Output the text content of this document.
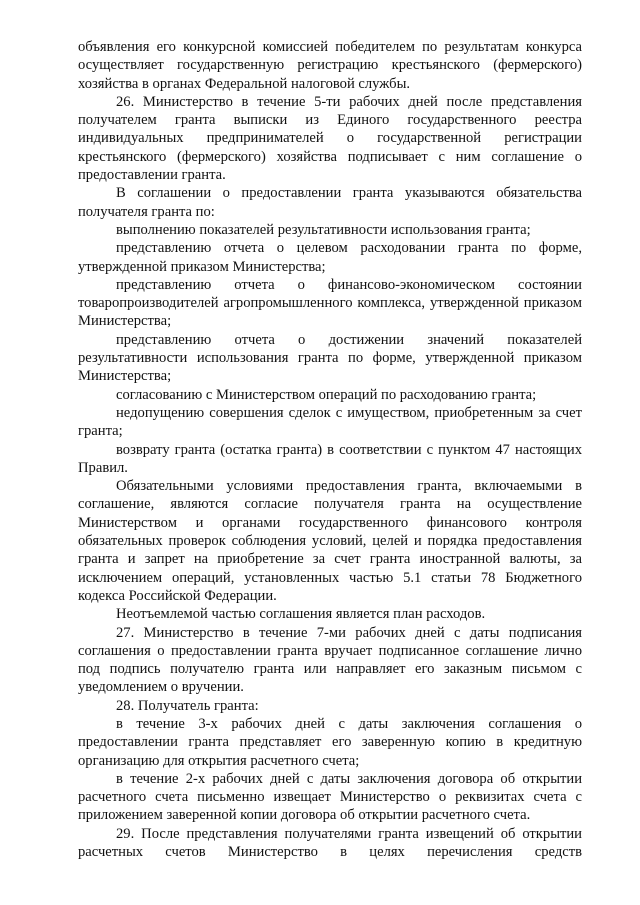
объявления его конкурсной комиссией победителем по результатам конкурса осуществляет государственную регистрацию крестьянского (фермерского) хозяйства в органах Федеральной налоговой службы.

26. Министерство в течение 5-ти рабочих дней после представления получателем гранта выписки из Единого государственного реестра индивидуальных предпринимателей о государственной регистрации крестьянского (фермерского) хозяйства подписывает с ним соглашение о предоставлении гранта.

В соглашении о предоставлении гранта указываются обязательства получателя гранта по:

выполнению показателей результативности использования гранта;

представлению отчета о целевом расходовании гранта по форме, утвержденной приказом Министерства;

представлению отчета о финансово-экономическом состоянии товаропроизводителей агропромышленного комплекса, утвержденной приказом Министерства;

представлению отчета о достижении значений показателей результативности использования гранта по форме, утвержденной приказом Министерства;

согласованию с Министерством операций по расходованию гранта;

недопущению совершения сделок с имуществом, приобретенным за счет гранта;

возврату гранта (остатка гранта) в соответствии с пунктом 47 настоящих Правил.

Обязательными условиями предоставления гранта, включаемыми в соглашение, являются согласие получателя гранта на осуществление Министерством и органами государственного финансового контроля обязательных проверок соблюдения условий, целей и порядка предоставления гранта и запрет на приобретение за счет гранта иностранной валюты, за исключением операций, установленных частью 5.1 статьи 78 Бюджетного кодекса Российской Федерации.

Неотъемлемой частью соглашения является план расходов.

27. Министерство в течение 7-ми рабочих дней с даты подписания соглашения о предоставлении гранта вручает подписанное соглашение лично под подпись получателю гранта или направляет его заказным письмом с уведомлением о вручении.

28. Получатель гранта:

в течение 3-х рабочих дней с даты заключения соглашения о предоставлении гранта представляет его заверенную копию в кредитную организацию для открытия расчетного счета;

в течение 2-х рабочих дней с даты заключения договора об открытии расчетного счета письменно извещает Министерство о реквизитах счета с приложением заверенной копии договора об открытии расчетного счета.

29. После представления получателями гранта извещений об открытии расчетных счетов Министерство в целях перечисления средств
